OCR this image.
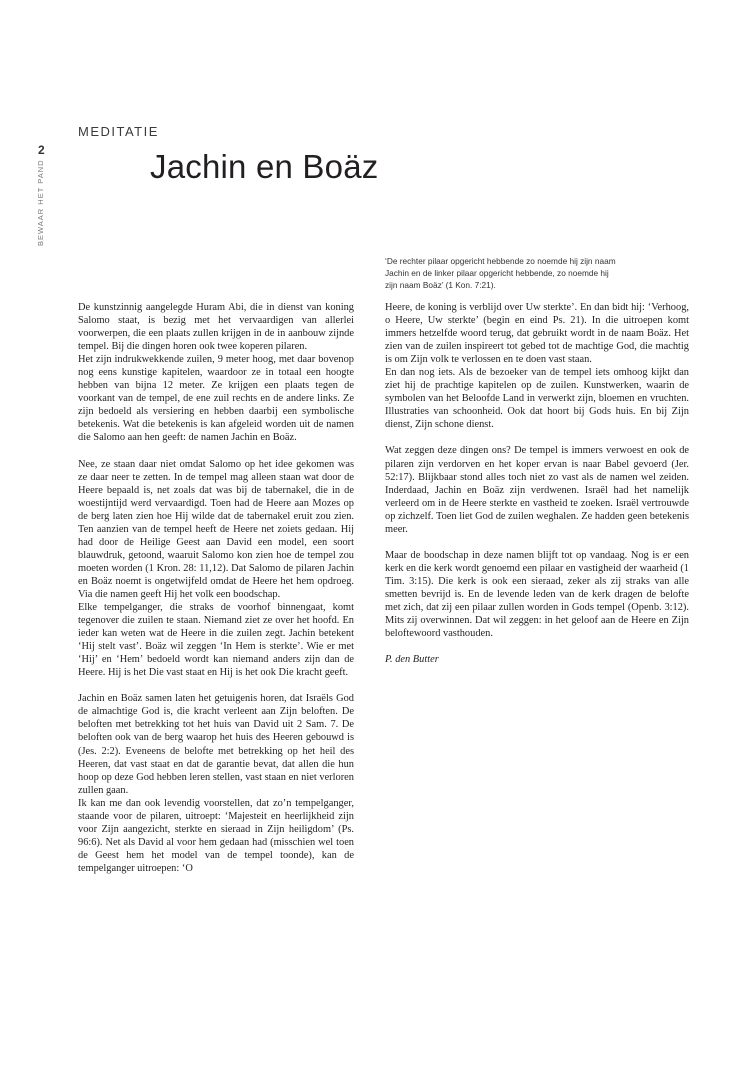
2
BEWAAR HET PAND
MEDITATIE
Jachin en Boäz
‘De rechter pilaar opgericht hebbende zo noemde hij zijn naam
Jachin en de linker pilaar opgericht hebbende, zo noemde hij
zijn naam Boäz’ (1 Kon. 7:21).

De kunstzinnig aangelegde Huram Abi, die in dienst van koning Salomo staat, is bezig met het vervaardigen van allerlei voorwerpen, die een plaats zullen krijgen in de in aanbouw zijnde tempel. Bij die dingen horen ook twee koperen pilaren.
Het zijn indrukwekkende zuilen, 9 meter hoog, met daar bovenop nog eens kunstige kapitelen, waardoor ze in totaal een hoogte hebben van bijna 12 meter. Ze krijgen een plaats tegen de voorkant van de tempel, de ene zuil rechts en de andere links. Ze zijn bedoeld als versiering en hebben daarbij een symbolische betekenis. Wat die betekenis is kan afgeleid worden uit de namen die Salomo aan hen geeft: de namen Jachin en Boäz.

Nee, ze staan daar niet omdat Salomo op het idee gekomen was ze daar neer te zetten. In de tempel mag alleen staan wat door de Heere bepaald is, net zoals dat was bij de tabernakel, die in de woestijntijd werd vervaardigd. Toen had de Heere aan Mozes op de berg laten zien hoe Hij wilde dat de tabernakel eruit zou zien. Ten aanzien van de tempel heeft de Heere net zoiets gedaan. Hij had door de Heilige Geest aan David een model, een soort blauwdruk, getoond, waaruit Salomo kon zien hoe de tempel zou moeten worden (1 Kron. 28: 11,12). Dat Salomo de pilaren Jachin en Boäz noemt is ongetwijfeld omdat de Heere het hem opdroeg. Via die namen geeft Hij het volk een boodschap.
Elke tempelganger, die straks de voorhof binnengaat, komt tegenover die zuilen te staan. Niemand ziet ze over het hoofd. En ieder kan weten wat de Heere in die zuilen zegt. Jachin betekent ‘Hij stelt vast’. Boäz wil zeggen ‘In Hem is sterkte’. Wie er met ‘Hij’ en ‘Hem’ bedoeld wordt kan niemand anders zijn dan de Heere. Hij is het Die vast staat en Hij is het ook Die kracht geeft.

Jachin en Boäz samen laten het getuigenis horen, dat Israëls God de almachtige God is, die kracht verleent aan Zijn beloften. De beloften met betrekking tot het huis van David uit 2 Sam. 7. De beloften ook van de berg waarop het huis des Heeren gebouwd is (Jes. 2:2). Eveneens de belofte met betrekking op het heil des Heeren, dat vast staat en dat de garantie bevat, dat allen die hun hoop op deze God hebben leren stellen, vast staan en niet verloren zullen gaan.
Ik kan me dan ook levendig voorstellen, dat zo’n tempelganger, staande voor de pilaren, uitroept: ‘Majesteit en heerlijkheid zijn voor Zijn aangezicht, sterkte en sieraad in Zijn heiligdom’ (Ps. 96:6). Net als David al voor hem gedaan had (misschien wel toen de Geest hem het model van de tempel toonde), kan de tempelganger uitroepen: ‘O

Heere, de koning is verblijd over Uw sterkte’. En dan bidt hij: ‘Verhoog, o Heere, Uw sterkte’ (begin en eind Ps. 21). In die uitroepen komt immers hetzelfde woord terug, dat gebruikt wordt in de naam Boäz. Het zien van de zuilen inspireert tot gebed tot de machtige God, die machtig is om Zijn volk te verlossen en te doen vast staan.
En dan nog iets. Als de bezoeker van de tempel iets omhoog kijkt dan ziet hij de prachtige kapitelen op de zuilen. Kunstwerken, waarin de symbolen van het Beloofde Land in verwerkt zijn, bloemen en vruchten. Illustraties van schoonheid. Ook dat hoort bij Gods huis. En bij Zijn dienst, Zijn schone dienst.

Wat zeggen deze dingen ons? De tempel is immers verwoest en ook de pilaren zijn verdorven en het koper ervan is naar Babel gevoerd (Jer. 52:17). Blijkbaar stond alles toch niet zo vast als de namen wel zeiden. Inderdaad, Jachin en Boäz zijn verdwenen. Israël had het namelijk verleerd om in de Heere sterkte en vastheid te zoeken. Israël vertrouwde op zichzelf. Toen liet God de zuilen weghalen. Ze hadden geen betekenis meer.

Maar de boodschap in deze namen blijft tot op vandaag. Nog is er een kerk en die kerk wordt genoemd een pilaar en vastigheid der waarheid (1 Tim. 3:15). Die kerk is ook een sieraad, zeker als zij straks van alle smetten bevrijd is. En de levende leden van de kerk dragen de belofte met zich, dat zij een pilaar zullen worden in Gods tempel (Openb. 3:12). Mits zij overwinnen. Dat wil zeggen: in het geloof aan de Heere en Zijn beloftewoord vasthouden.

P. den Butter
